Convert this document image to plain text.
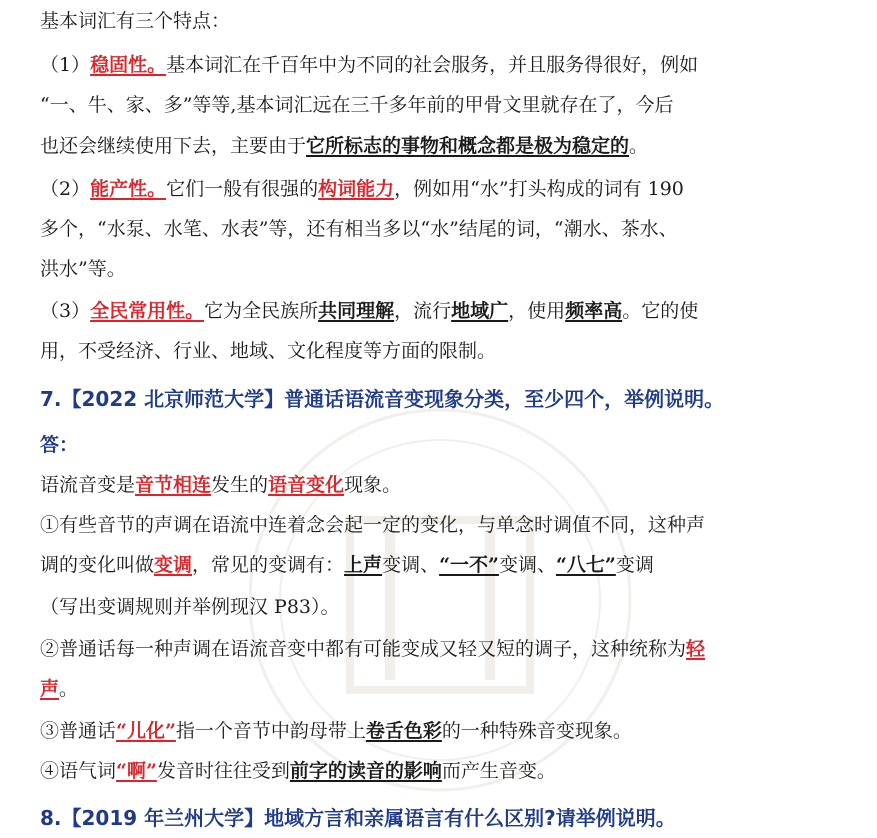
基本词汇有三个特点：
（1）稳固性。基本词汇在千百年中为不同的社会服务，并且服务得很好，例如
“一、牛、家、多”等等,基本词汇远在三千多年前的甲骨文里就存在了，今后
也还会继续使用下去，主要由于它所标志的事物和概念都是极为稳定的。
（2）能产性。它们一般有很强的构词能力，例如用“水”打头构成的词有 190
多个，“水泵、水笔、水表”等，还有相当多以“水”结尾的词，“潮水、茶水、
洪水”等。
（3）全民常用性。它为全民族所共同理解，流行地域广，使用频率高。它的使
用，不受经济、行业、地域、文化程度等方面的限制。
7.【2022 北京师范大学】普通话语流音变现象分类，至少四个，举例说明。
答：
语流音变是音节相连发生的语音变化现象。
①有些音节的声调在语流中连着念会起一定的变化，与单念时调值不同，这种声
调的变化叫做变调，常见的变调有：上声变调、“一不”变调、“八七”变调
（写出变调规则并举例现汉 P83）。
②普通话每一种声调在语流音变中都有可能变成又轻又短的调子，这种统称为轻
声。
③普通话“儿化”指一个音节中韵母带上卷舌色彩的一种特殊音变现象。
④语气词“啊”发音时往往受到前字的读音的影响而产生音变。
8.【2019 年兰州大学】地域方言和亲属语言有什么区别?请举例说明。
